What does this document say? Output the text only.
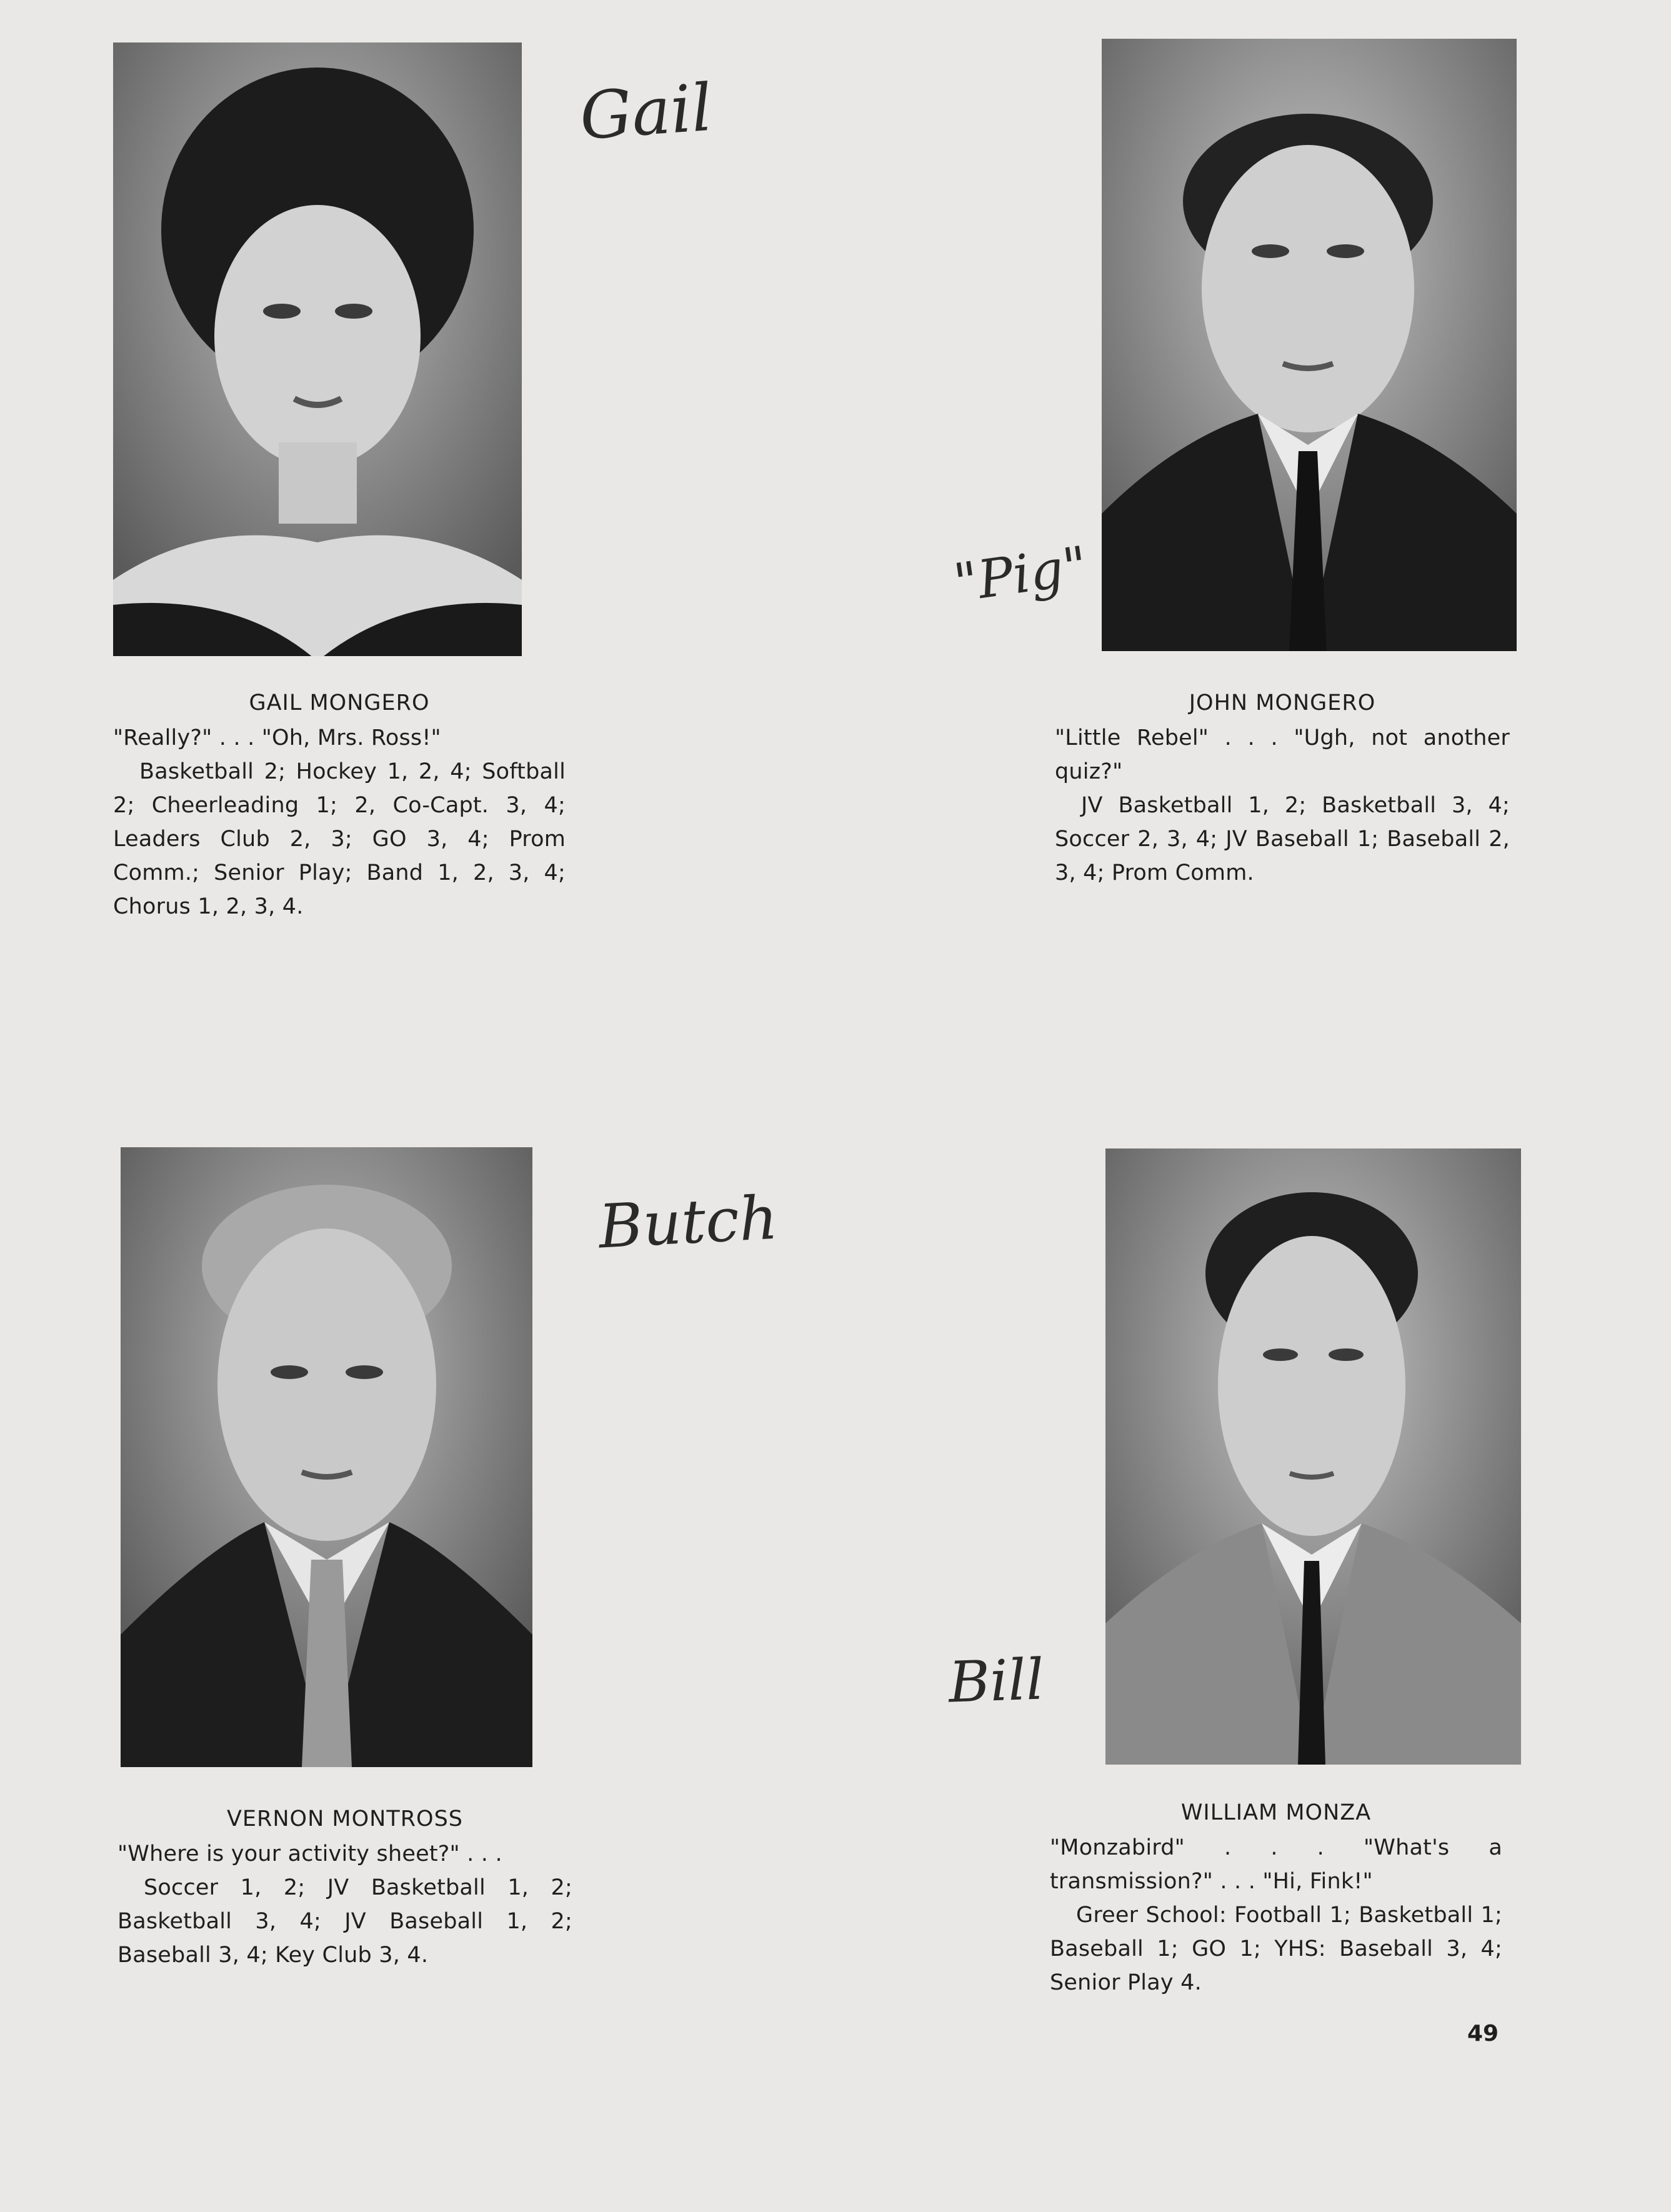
Gail
"Pig"
Butch
Bill
GAIL MONGERO
"Really?" . . . "Oh, Mrs. Ross!"
Basketball 2; Hockey 1, 2, 4; Softball 2; Cheerleading 1; 2, Co-Capt. 3, 4; Leaders Club 2, 3; GO 3, 4; Prom Comm.; Senior Play; Band 1, 2, 3, 4; Chorus 1, 2, 3, 4.
JOHN MONGERO
"Little Rebel" . . . "Ugh, not another quiz?"
JV Basketball 1, 2; Basketball 3, 4; Soccer 2, 3, 4; JV Baseball 1; Baseball 2, 3, 4; Prom Comm.
VERNON MONTROSS
"Where is your activity sheet?" . . .
Soccer 1, 2; JV Basketball 1, 2; Basketball 3, 4; JV Baseball 1, 2; Baseball 3, 4; Key Club 3, 4.
WILLIAM MONZA
"Monzabird" . . . "What's a transmission?" . . . "Hi, Fink!"
Greer School: Football 1; Basketball 1; Baseball 1; GO 1; YHS: Baseball 3, 4; Senior Play 4.
49
